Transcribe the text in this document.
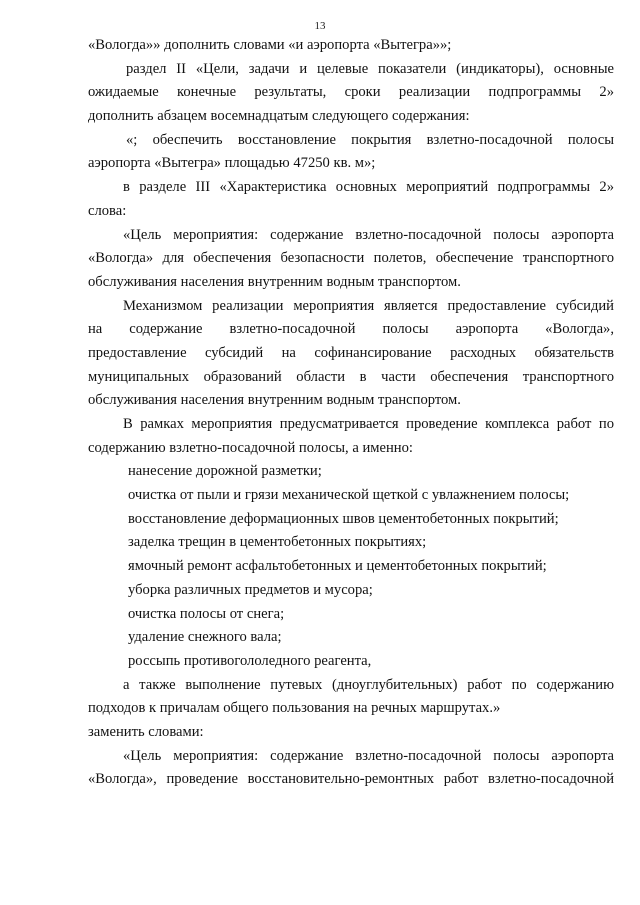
13
«Вологда»» дополнить словами «и аэропорта «Вытегра»»;
раздел II «Цели, задачи и целевые показатели (индикаторы), основные
ожидаемые конечные результаты, сроки реализации подпрограммы 2»
дополнить абзацем восемнадцатым следующего содержания:
«; обеспечить восстановление покрытия взлетно-посадочной полосы
аэропорта «Вытегра» площадью 47250 кв. м»;
в разделе III «Характеристика основных мероприятий подпрограммы 2»
слова:
«Цель мероприятия: содержание взлетно-посадочной полосы аэропорта
«Вологда» для обеспечения безопасности полетов, обеспечение транспортного
обслуживания населения внутренним водным транспортом.
Механизмом реализации мероприятия является предоставление субсидий
на содержание взлетно-посадочной полосы аэропорта «Вологда»,
предоставление субсидий на софинансирование расходных обязательств
муниципальных образований области в части обеспечения транспортного
обслуживания населения внутренним водным транспортом.
В рамках мероприятия предусматривается проведение комплекса работ по
содержанию взлетно-посадочной полосы, а именно:
нанесение дорожной разметки;
очистка от пыли и грязи механической щеткой с увлажнением полосы;
восстановление деформационных швов цементобетонных покрытий;
заделка трещин в цементобетонных покрытиях;
ямочный ремонт асфальтобетонных и цементобетонных покрытий;
уборка различных предметов и мусора;
очистка полосы от снега;
удаление снежного вала;
россыпь противогололедного реагента,
а также выполнение путевых (дноуглубительных) работ по содержанию
подходов к причалам общего пользования на речных маршрутах.»
заменить словами:
«Цель мероприятия: содержание взлетно-посадочной полосы аэропорта
«Вологда», проведение восстановительно-ремонтных работ взлетно-посадочной
